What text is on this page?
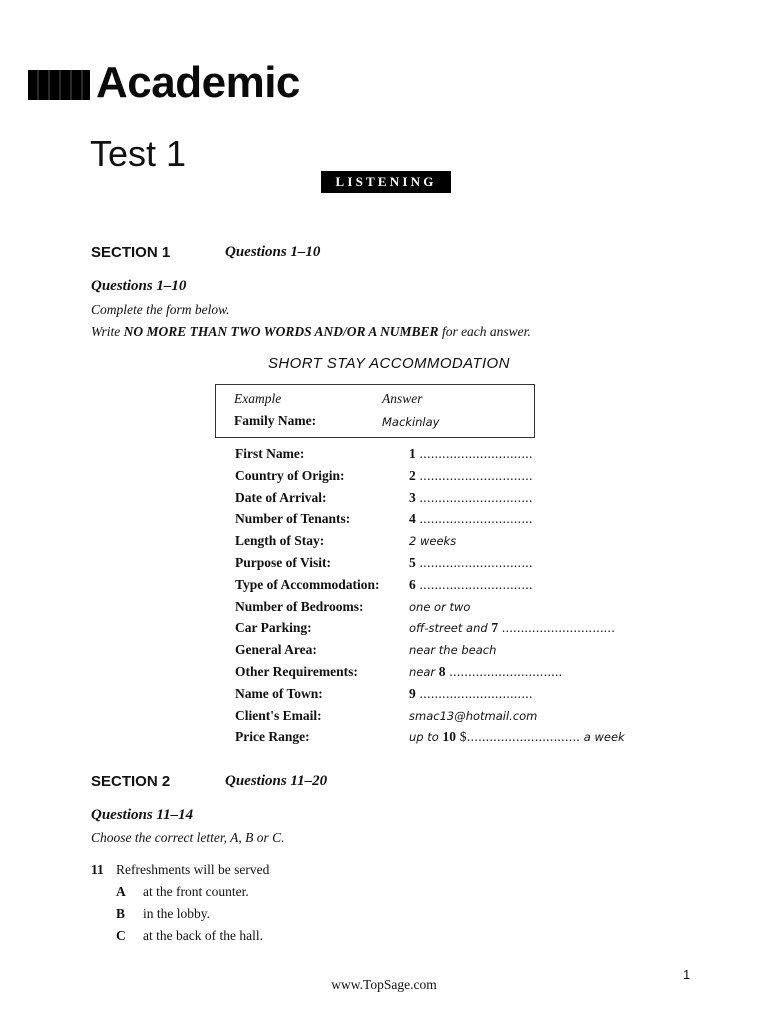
Academic
Test 1
LISTENING
SECTION 1	Questions 1–10
Questions 1–10
Complete the form below.
Write NO MORE THAN TWO WORDS AND/OR A NUMBER for each answer.
SHORT STAY ACCOMMODATION
Example	Answer
Family Name:	Mackinlay
First Name:	1 ..............................
Country of Origin:	2 ..............................
Date of Arrival:	3 ..............................
Number of Tenants:	4 ..............................
Length of Stay:	2 weeks
Purpose of Visit:	5 ..............................
Type of Accommodation: 6 ..............................
Number of Bedrooms:	one or two
Car Parking:	off-street and 7 ..............................
General Area:	near the beach
Other Requirements:	near 8 ..............................
Name of Town:	9 ..............................
Client's Email:	smac13@hotmail.com
Price Range:	up to 10 $.............................. a week
SECTION 2	Questions 11–20
Questions 11–14
Choose the correct letter, A, B or C.
11 Refreshments will be served
A at the front counter.
B in the lobby.
C at the back of the hall.
www.TopSage.com
1
